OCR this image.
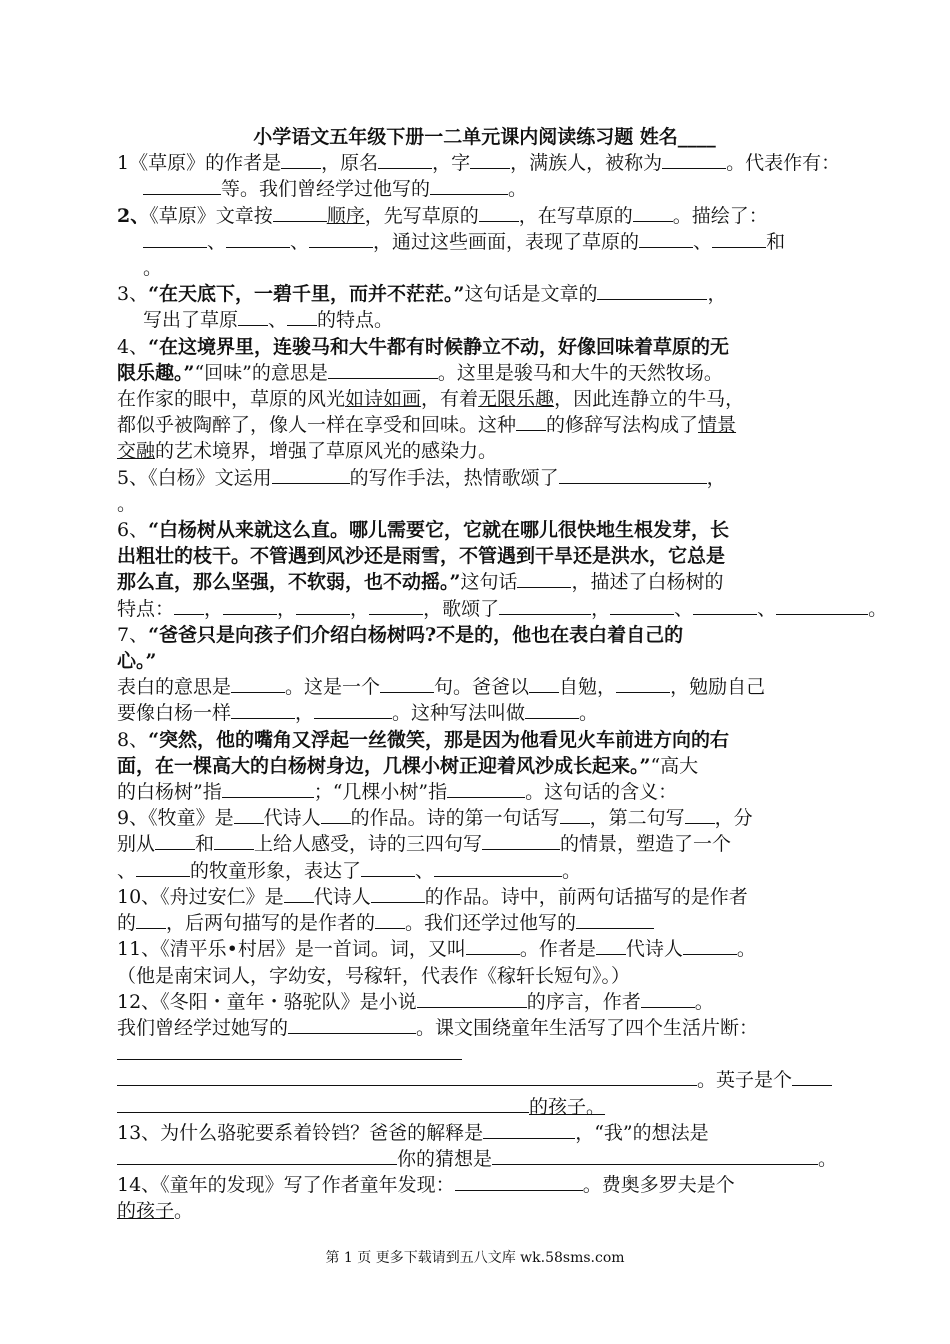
小学语文五年级下册一二单元课内阅读练习题 姓名____
1《草原》的作者是 ，原名	，字 ，满族人，被称为	。代表作有：
等。我们曾经学过他写的	。
2、《草原》文章按	顺序，先写草原的 ，在写草原的 。描绘了：
、	、	，通过这些画面，表现了草原的	、	和
。
3、“在天底下，一碧千里，而并不茫茫。”这句话是文章的	，
写出了草原 、 的特点。
4、“在这境界里，连骏马和大牛都有时候静立不动，好像回味着草原的无
限乐趣。”“回味”的意思是	。这里是骏马和大牛的天然牧场。
在作家的眼中，草原的风光如诗如画，有着无限乐趣，因此连静立的牛马，
都似乎被陶醉了，像人一样在享受和回味。这种 的修辞写法构成了情景
交融的艺术境界，增强了草原风光的感染力。
5、《白杨》文运用	的写作手法，热情歌颂了	，
。
6、“白杨树从来就这么直。哪儿需要它，它就在哪儿很快地生根发芽，长
出粗壮的枝干。不管遇到风沙还是雨雪，不管遇到干旱还是洪水，它总是
那么直，那么坚强，不软弱，也不动摇。”这句话	，描述了白杨树的
特点： ，	，	，	，歌颂了	，	、	、	。
7、“爸爸只是向孩子们介绍白杨树吗?不是的，他也在表白着自己的
心。”
表白的意思是	。这是一个	句。爸爸以 自勉，	，勉励自己
要像白杨一样	，	。这种写法叫做	。
8、“突然，他的嘴角又浮起一丝微笑，那是因为他看见火车前进方向的右
面，在一棵高大的白杨树身边，几棵小树正迎着风沙成长起来。”“高大
的白杨树”指	；“几棵小树”指	。这句话的含义：
9、《牧童》是 代诗人 的作品。诗的第一句话写 ，第二句写 ，分
别从 和 上给人感受，诗的三四句写	的情景，塑造了一个
、	的牧童形象，表达了	、	。
10、《舟过安仁》是 代诗人	的作品。诗中，前两句话描写的是作者
的 ，后两句描写的是作者的 。我们还学过他写的
11、《清平乐•村居》是一首词。词，又叫	。作者是 代诗人	。
（他是南宋词人，字幼安，号稼轩，代表作《稼轩长短句》。）
12、《冬阳・童年・骆驼队》是小说	的序言，作者	。
我们曾经学过她写的	。课文围绕童年生活写了四个生活片断：
。英子是个
的孩子。
13、为什么骆驼要系着铃铛？爸爸的解释是	，“我”的想法是
你的猜想是	。
14、《童年的发现》写了作者童年发现：	。费奥多罗夫是个
的孩子。
第 1 页 更多下载请到五八文库 wk.58sms.com
